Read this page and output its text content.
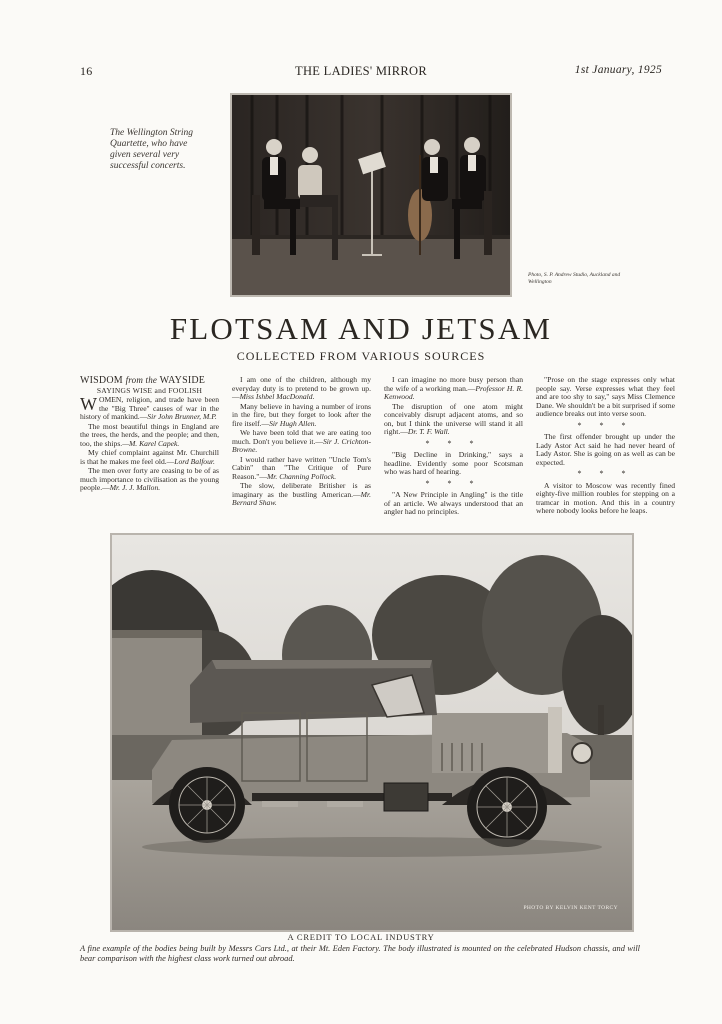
THE LADIES' MIRROR
16	1st January, 1925
The Wellington String Quartette, who have given several very successful concerts.
Photo, S. P. Andrew Studio, Auckland and Wellington
FLOTSAM AND JETSAM
COLLECTED FROM VARIOUS SOURCES

WISDOM from the WAYSIDE

SAYINGS WISE and FOOLISH

WOMEN, religion, and trade have been the "Big Three" causes of war in the history of mankind.—Sir John Brunner, M.P.

The most beautiful things in England are the trees, the herds, and the people; and then, too, the ships.—M. Karel Capek.

My chief complaint against Mr. Churchill is that he makes me feel old.—Lord Balfour.

The men over forty are ceasing to be of as much importance to civilisation as the young people.—Mr. J. J. Mallon.

I am one of the children, although my everyday duty is to pretend to be grown up.—Miss Ishbel MacDonald.

Many believe in having a number of irons in the fire, but they forget to look after the fire itself.—Sir Hugh Allen.

We have been told that we are eating too much. Don't you believe it.—Sir J. Crichton-Browne.

I would rather have written "Uncle Tom's Cabin" than "The Critique of Pure Reason."—Mr. Channing Pollock.

The slow, deliberate Britisher is as imaginary as the bustling American.—Mr. Bernard Shaw.

I can imagine no more busy person than the wife of a working man.—Professor H. R. Kenwood.

The disruption of one atom might conceivably disrupt adjacent atoms, and so on, but I think the universe will stand it all right.—Dr. T. F. Wall.

* * *

"Big Decline in Drinking," says a headline. Evidently some poor Scotsman who was hard of hearing.

* * *

"A New Principle in Angling" is the title of an article. We always understood that an angler had no principles.

"Prose on the stage expresses only what people say. Verse expresses what they feel and are too shy to say," says Miss Clemence Dane. We shouldn't be a bit surprised if some audience breaks out into verse soon.

* * *

The first offender brought up under the Lady Astor Act said he had never heard of Lady Astor. She is going on as well as can be expected.

* * *

A visitor to Moscow was recently fined eighty-five million roubles for stepping on a tramcar in motion. And this in a country where nobody looks before he leaps.

PHOTO BY KELVIN KENT TORCY
A CREDIT TO LOCAL INDUSTRY
A fine example of the bodies being built by Messrs Cars Ltd., at their Mt. Eden Factory. The body illustrated is mounted on the celebrated Hudson chassis, and will bear comparison with the highest class work turned out abroad.
